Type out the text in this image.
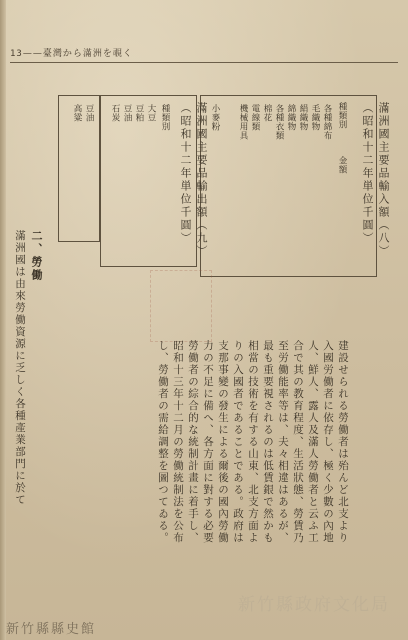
13——臺灣から滿洲を覗く
滿洲國主要品輸入額（八）（昭和十二年単位千圓）
種類別
金額
各種綿布
毛織物
絹織物
綿織物
各種衣類
棉花
電線類
機械用具
小麥粉
滿洲國主要品輸出額（九）（昭和十二年単位千圓）
種類別
大豆
豆粕
豆油
石炭
豆油
高粱
二、勞働
滿洲國は由來勞働資源に乏しく各種產業部門に於て	建設せられる勞働者は殆んど北支より入國労働者に依存し、極く少數の內地人、鮮人、露人及滿人勞働者と云ふ工合で其の教育程度、生活狀態、勞賃乃至労働能率等は、夫々相違はあるが、最も重要視されるのは低賃銀で然かも相當の技術を有する山東、北支方面よりの入國者であることである。政府は支那事變の發生による爾後の國內勞働力の不足に備へ、各方面に對する必要勞働者の綜合的な統制計畫に着手し、昭和十三年十二月の勞働統制法を公布し、勞働者の需給調整を圖つてゐる。
新竹縣政府文化局
新竹縣縣史館
